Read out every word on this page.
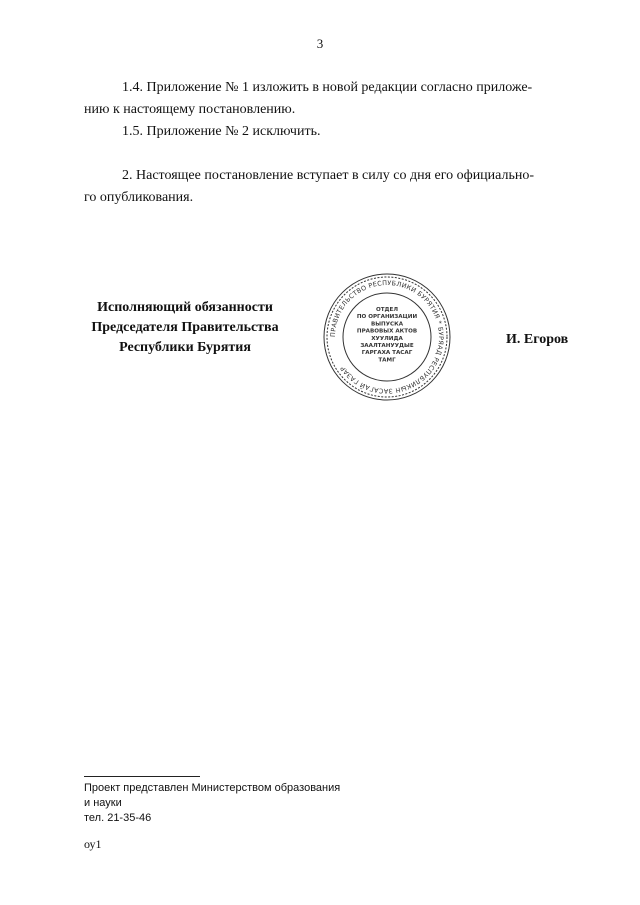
3
1.4. Приложение № 1 изложить в новой редакции согласно приложе-
нию к настоящему постановлению.
1.5. Приложение № 2 исключить.
2. Настоящее постановление вступает в силу со дня его официально-
го опубликования.
Исполняющий обязанности
Председателя Правительства
Республики Бурятия
ПРАВИТЕЛЬСТВО РЕСПУБЛИКИ БУРЯТИЯ * БУРЯАД РЕСПУБЛИКЫН ЗАСАГАЙ ГАЗАР
ОТДЕЛ
ПО ОРГАНИЗАЦИИ
ВЫПУСКА
ПРАВОВЫХ АКТОВ
ХУУЛИДА
ЗААЛТАНУУДЫЕ
ГАРГАХА ТАСАГ
ТАМГ
И. Егоров
Проект представлен Министерством образования
и науки
тел. 21-35-46
оу1
